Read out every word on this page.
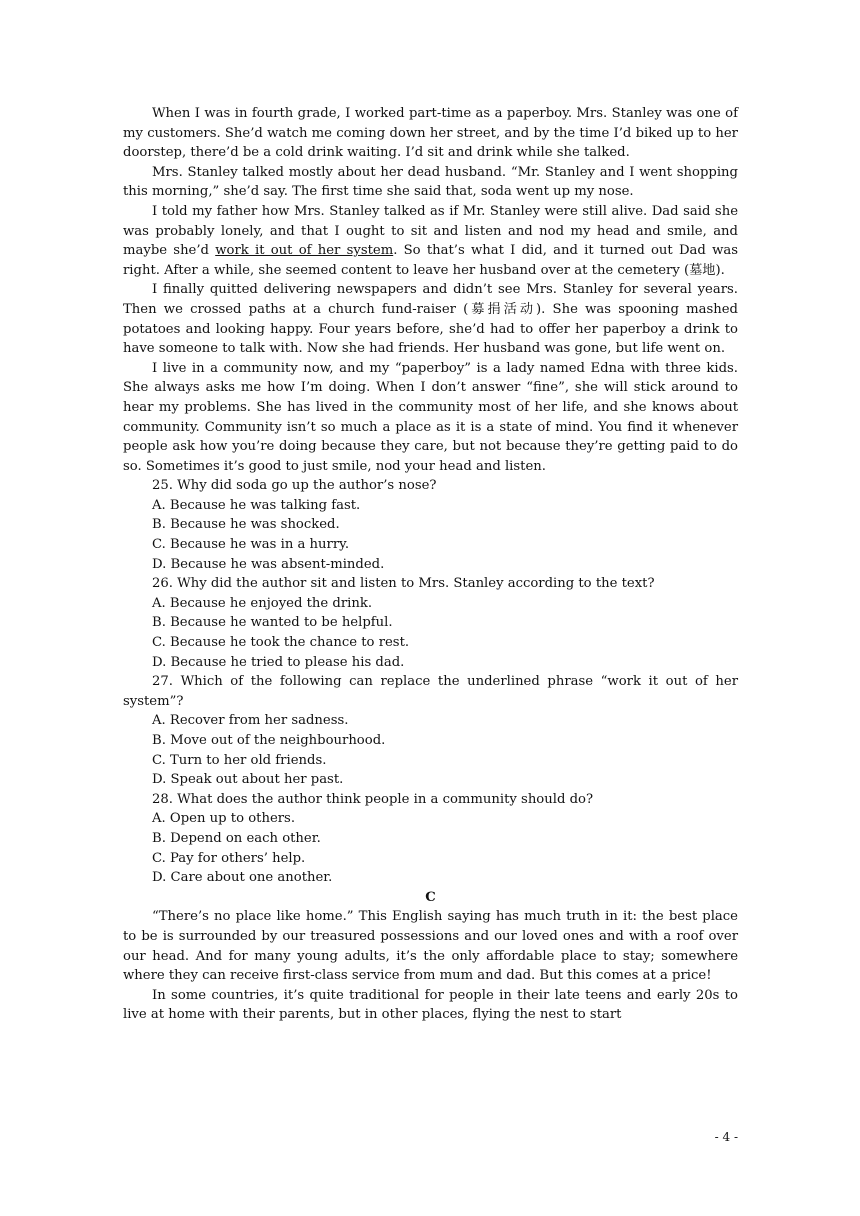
When I was in fourth grade, I worked part-time as a paperboy. Mrs. Stanley was one of my customers. She’d watch me coming down her street, and by the time I’d biked up to her doorstep, there’d be a cold drink waiting. I’d sit and drink while she talked.

Mrs. Stanley talked mostly about her dead husband. “Mr. Stanley and I went shopping this morning,” she’d say. The first time she said that, soda went up my nose.

I told my father how Mrs. Stanley talked as if Mr. Stanley were still alive. Dad said she was probably lonely, and that I ought to sit and listen and nod my head and smile, and maybe she’d work it out of her system. So that’s what I did, and it turned out Dad was right. After a while, she seemed content to leave her husband over at the cemetery (墓地).

I finally quitted delivering newspapers and didn’t see Mrs. Stanley for several years. Then we crossed paths at a church fund-raiser (募捐活动). She was spooning mashed potatoes and looking happy. Four years before, she’d had to offer her paperboy a drink to have someone to talk with. Now she had friends. Her husband was gone, but life went on.

I live in a community now, and my “paperboy” is a lady named Edna with three kids. She always asks me how I’m doing. When I don’t answer “fine”, she will stick around to hear my problems. She has lived in the community most of her life, and she knows about community. Community isn’t so much a place as it is a state of mind. You find it whenever people ask how you’re doing because they care, but not because they’re getting paid to do so. Sometimes it’s good to just smile, nod your head and listen.

25. Why did soda go up the author’s nose?

A. Because he was talking fast.

B. Because he was shocked.

C. Because he was in a hurry.

D. Because he was absent-minded.

26. Why did the author sit and listen to Mrs. Stanley according to the text?

A. Because he enjoyed the drink.

B. Because he wanted to be helpful.

C. Because he took the chance to rest.

D. Because he tried to please his dad.

27. Which of the following can replace the underlined phrase “work it out of her system”?

A. Recover from her sadness.

B. Move out of the neighbourhood.

C. Turn to her old friends.

D. Speak out about her past.

28. What does the author think people in a community should do?

A. Open up to others.

B. Depend on each other.

C. Pay for others’ help.

D. Care about one another.

C

“There’s no place like home.” This English saying has much truth in it: the best place to be is surrounded by our treasured possessions and our loved ones and with a roof over our head. And for many young adults, it’s the only affordable place to stay; somewhere where they can receive first-class service from mum and dad. But this comes at a price!

In some countries, it’s quite traditional for people in their late teens and early 20s to live at home with their parents, but in other places, flying the nest to start

- 4 -
